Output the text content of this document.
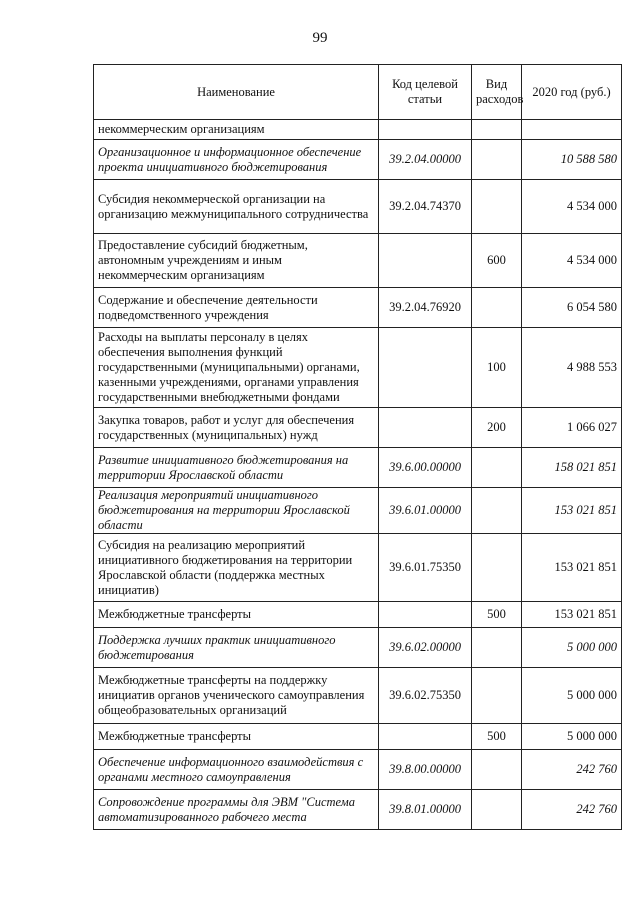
99
Наименование	Код целевой статьи	Вид расходов	2020 год (руб.)
некоммерческим организациям			
Организационное и информационное обеспечение проекта инициативного бюджетирования	39.2.04.00000		10 588 580
Субсидия некоммерческой организации на организацию межмуниципального сотрудничества	39.2.04.74370		4 534 000
Предоставление субсидий бюджетным, автономным учреждениям и иным некоммерческим организациям		600	4 534 000
Содержание и обеспечение деятельности подведомственного учреждения	39.2.04.76920		6 054 580
Расходы на выплаты персоналу в целях обеспечения выполнения функций государственными (муниципальными) органами, казенными учреждениями, органами управления государственными внебюджетными фондами		100	4 988 553
Закупка товаров, работ и услуг для обеспечения государственных (муниципальных) нужд		200	1 066 027
Развитие инициативного бюджетирования на территории Ярославской области	39.6.00.00000		158 021 851
Реализация мероприятий инициативного бюджетирования на территории Ярославской области	39.6.01.00000		153 021 851
Субсидия на реализацию мероприятий инициативного бюджетирования на территории Ярославской области (поддержка местных инициатив)	39.6.01.75350		153 021 851
Межбюджетные трансферты		500	153 021 851
Поддержка лучших практик инициативного бюджетирования	39.6.02.00000		5 000 000
Межбюджетные трансферты на поддержку инициатив органов ученического самоуправления общеобразовательных организаций	39.6.02.75350		5 000 000
Межбюджетные трансферты		500	5 000 000
Обеспечение информационного взаимодействия с органами местного самоуправления	39.8.00.00000		242 760
Сопровождение программы для ЭВМ "Система автоматизированного рабочего места	39.8.01.00000		242 760
